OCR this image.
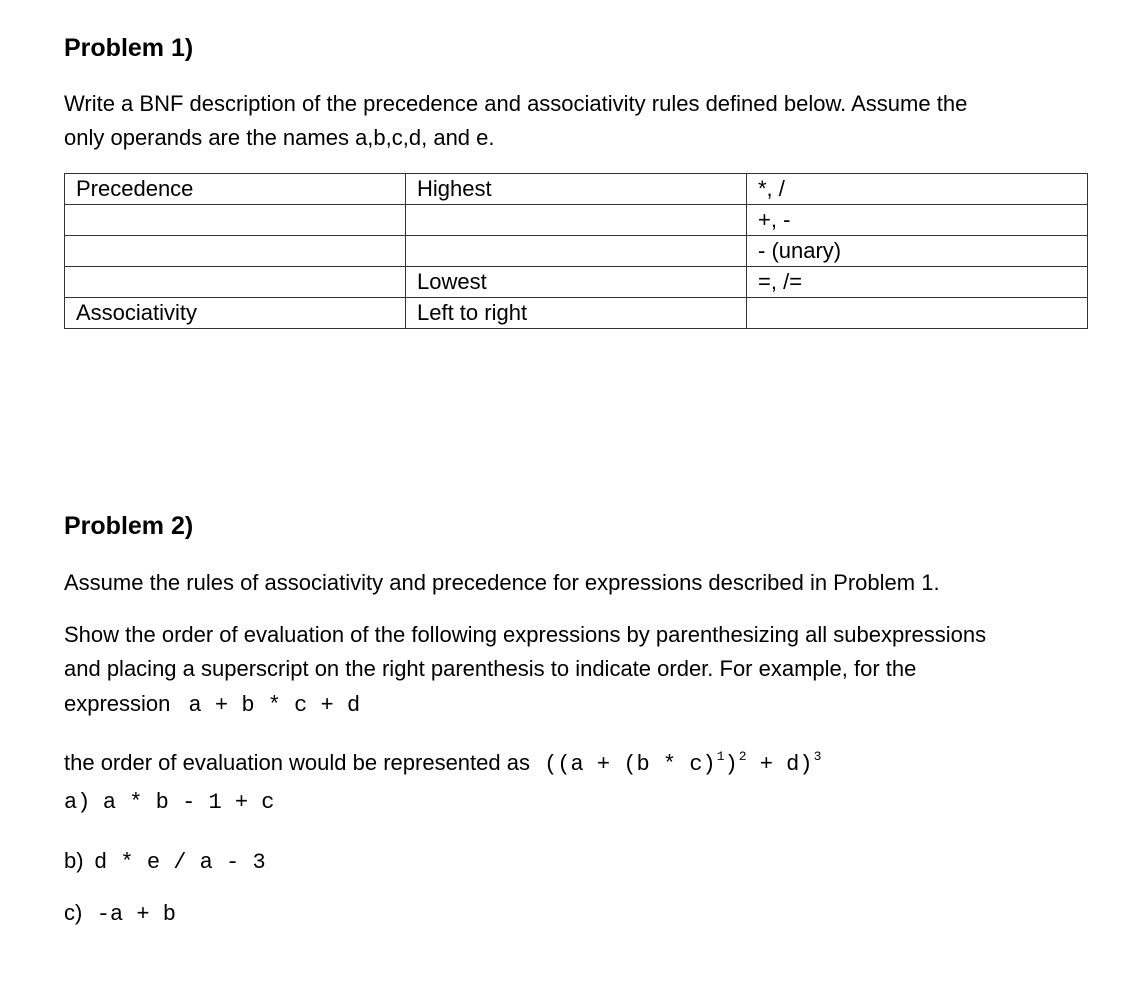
Problem 1)
Write a BNF description of the precedence and associativity rules defined below. Assume the
only operands are the names a,b,c,d, and e.
Precedence	Highest	*, /
		+, -
		- (unary)
	Lowest	=, /=
Associativity	Left to right	
Problem 2)
Assume the rules of associativity and precedence for expressions described in Problem 1.
Show the order of evaluation of the following expressions by parenthesizing all subexpressions
and placing a superscript on the right parenthesis to indicate order. For example, for the
expression a + b * c + d
the order of evaluation would be represented as $((a + (b * c)^1)^2 + d)^3$
a) a * b - 1 + c
b) d * e / a - 3
c) -a + b
